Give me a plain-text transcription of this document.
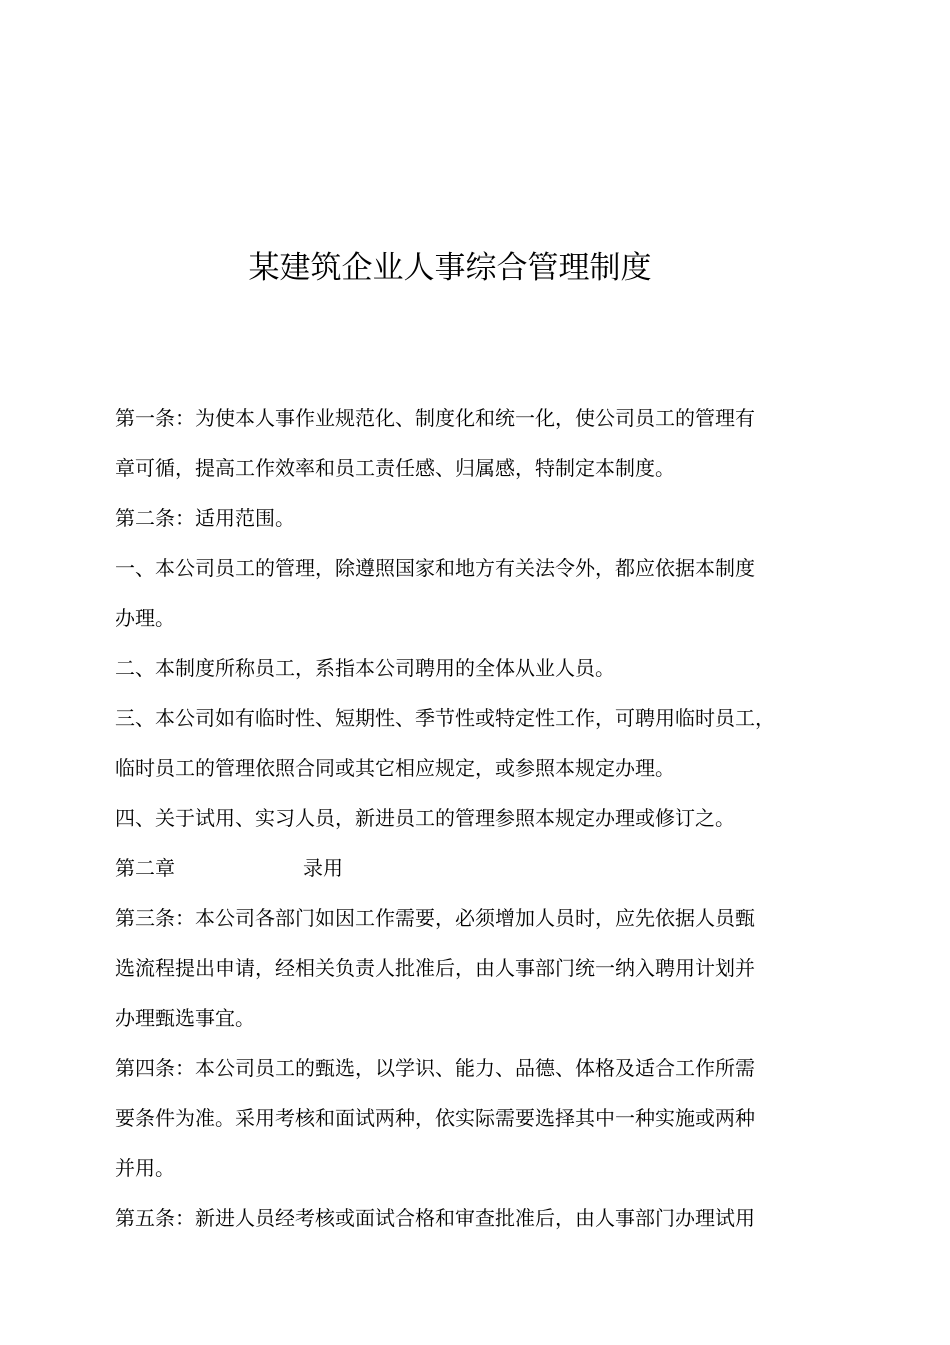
某建筑企业人事综合管理制度

第一条：为使本人事作业规范化、制度化和统一化，使公司员工的管理有

章可循，提高工作效率和员工责任感、归属感，特制定本制度。

第二条：适用范围。

一、本公司员工的管理，除遵照国家和地方有关法令外，都应依据本制度

办理。

二、本制度所称员工，系指本公司聘用的全体从业人员。

三、本公司如有临时性、短期性、季节性或特定性工作，可聘用临时员工，

临时员工的管理依照合同或其它相应规定，或参照本规定办理。

四、关于试用、实习人员，新进员工的管理参照本规定办理或修订之。

第二章	录用

第三条：本公司各部门如因工作需要，必须增加人员时，应先依据人员甄

选流程提出申请，经相关负责人批准后，由人事部门统一纳入聘用计划并

办理甄选事宜。

第四条：本公司员工的甄选，以学识、能力、品德、体格及适合工作所需

要条件为准。采用考核和面试两种，依实际需要选择其中一种实施或两种

并用。

第五条：新进人员经考核或面试合格和审查批准后，由人事部门办理试用
